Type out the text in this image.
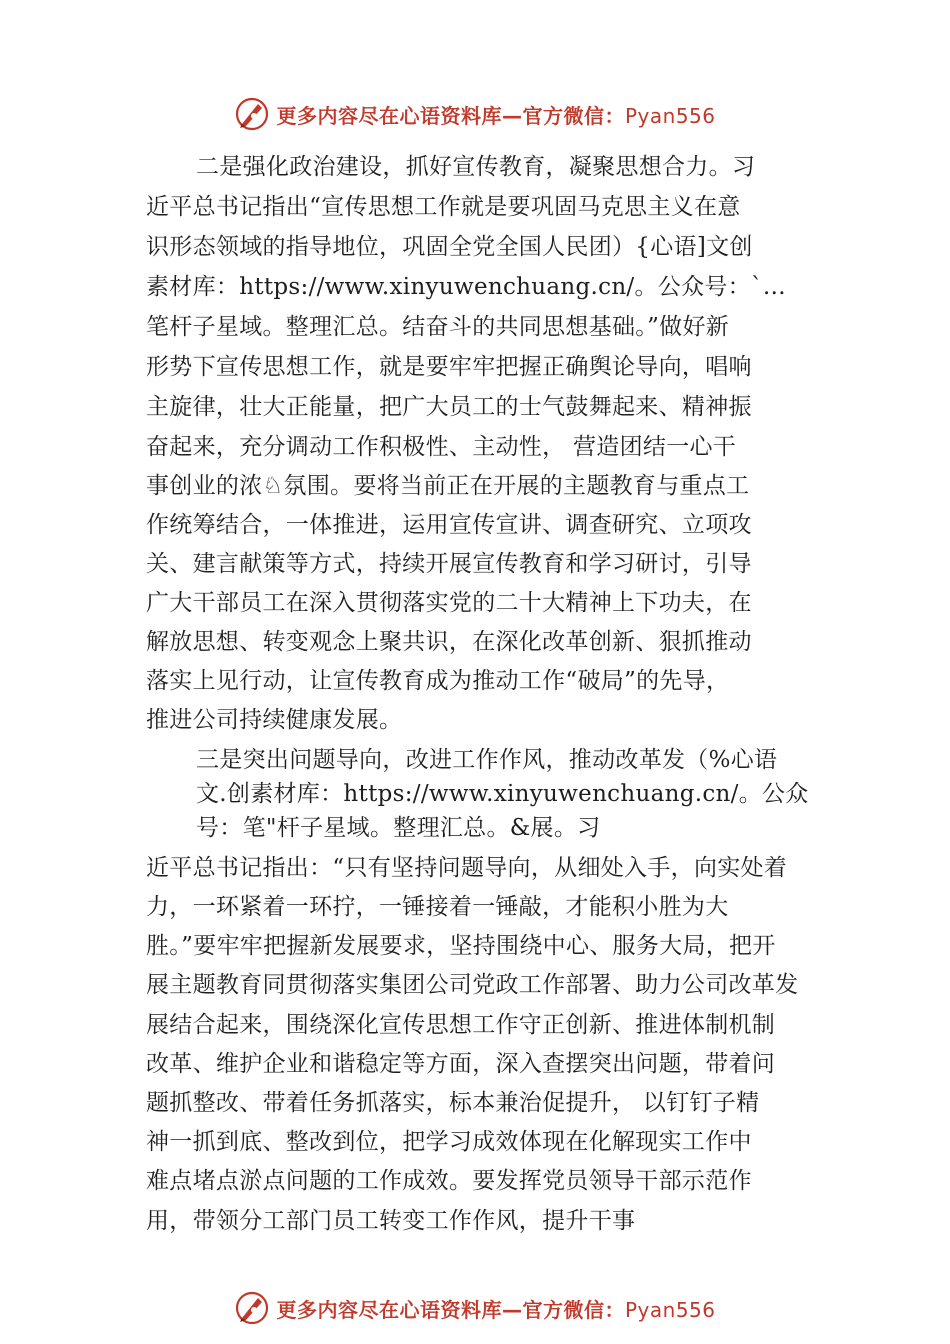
更多内容尽在心语资料库—官方微信：Pyan556
二是强化政治建设，抓好宣传教育，凝聚思想合力。习
近平总书记指出“宣传思想工作就是要巩固马克思主义在意
识形态领域的指导地位，巩固全党全国人民团）{心语]文创
素材库：https://www.xinyuwenchuang.cn/。公众号：`…
笔杆子星域。整理汇总。结奋斗的共同思想基础。”做好新
形势下宣传思想工作，就是要牢牢把握正确舆论导向，唱响
主旋律，壮大正能量，把广大员工的士气鼓舞起来、精神振
奋起来，充分调动工作积极性、主动性， 营造团结一心干
事创业的浓♘氛围。要将当前正在开展的主题教育与重点工
作统筹结合，一体推进，运用宣传宣讲、调查研究、立项攻
关、建言献策等方式，持续开展宣传教育和学习研讨，引导
广大干部员工在深入贯彻落实党的二十大精神上下功夫，在
解放思想、转变观念上聚共识，在深化改革创新、狠抓推动
落实上见行动，让宣传教育成为推动工作“破局”的先导，
推进公司持续健康发展。
三是突出问题导向，改进工作作风，推动改革发（%心语
文.创素材库：https://www.xinyuwenchuang.cn/。公众
号：笔"杆子星域。整理汇总。&展。习
近平总书记指出：“只有坚持问题导向，从细处入手，向实处着
力，一环紧着一环拧，一锤接着一锤敲，才能积小胜为大
胜。”要牢牢把握新发展要求，坚持围绕中心、服务大局，把开
展主题教育同贯彻落实集团公司党政工作部署、助力公司改革发
展结合起来，围绕深化宣传思想工作守正创新、推进体制机制
改革、维护企业和谐稳定等方面，深入查摆突出问题，带着问
题抓整改、带着任务抓落实，标本兼治促提升， 以钉钉子精
神一抓到底、整改到位，把学习成效体现在化解现实工作中
难点堵点淤点问题的工作成效。要发挥党员领导干部示范作
用，带领分工部门员工转变工作作风，提升干事
更多内容尽在心语资料库—官方微信：Pyan556
